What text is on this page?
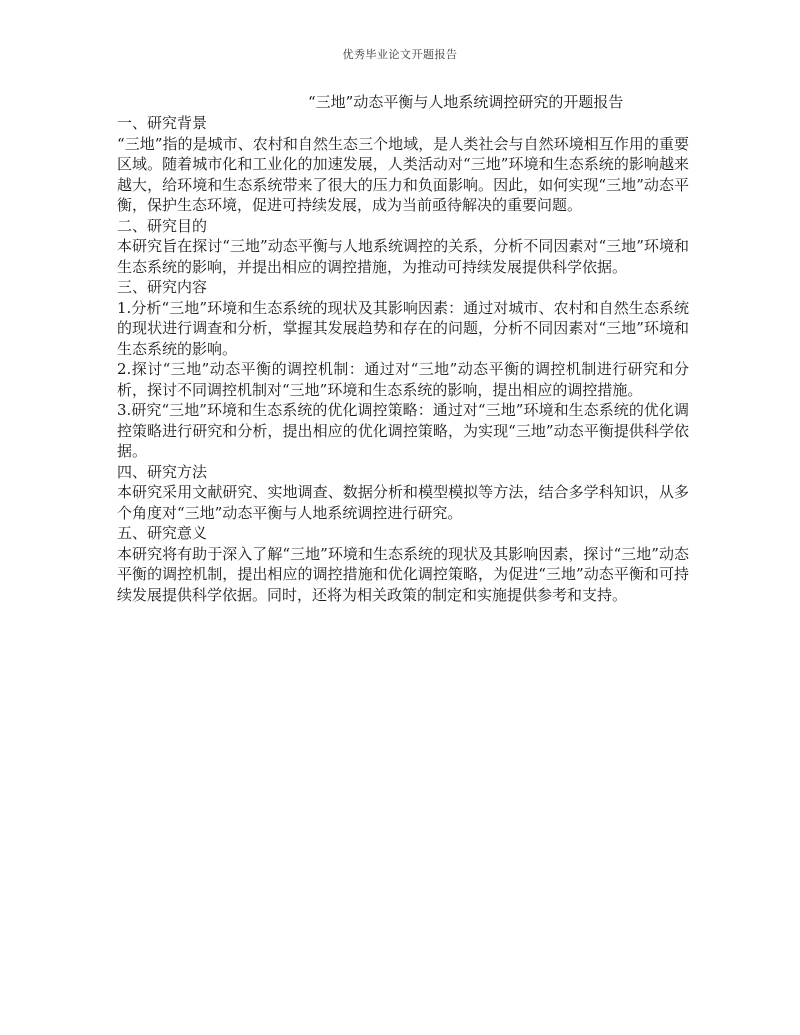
优秀毕业论文开题报告
“三地”动态平衡与人地系统调控研究的开题报告
一、研究背景

“三地”指的是城市、农村和自然生态三个地域，是人类社会与自然环境相互作用的重要区域。随着城市化和工业化的加速发展，人类活动对“三地”环境和生态系统的影响越来越大，给环境和生态系统带来了很大的压力和负面影响。因此，如何实现“三地”动态平衡，保护生态环境，促进可持续发展，成为当前亟待解决的重要问题。

二、研究目的

本研究旨在探讨“三地”动态平衡与人地系统调控的关系，分析不同因素对“三地”环境和生态系统的影响，并提出相应的调控措施，为推动可持续发展提供科学依据。

三、研究内容

1.分析“三地”环境和生态系统的现状及其影响因素：通过对城市、农村和自然生态系统的现状进行调查和分析，掌握其发展趋势和存在的问题，分析不同因素对“三地”环境和生态系统的影响。

2.探讨“三地”动态平衡的调控机制：通过对“三地”动态平衡的调控机制进行研究和分析，探讨不同调控机制对“三地”环境和生态系统的影响，提出相应的调控措施。

3.研究“三地”环境和生态系统的优化调控策略：通过对“三地”环境和生态系统的优化调控策略进行研究和分析，提出相应的优化调控策略，为实现“三地”动态平衡提供科学依据。

四、研究方法

本研究采用文献研究、实地调查、数据分析和模型模拟等方法，结合多学科知识，从多个角度对“三地”动态平衡与人地系统调控进行研究。

五、研究意义

本研究将有助于深入了解“三地”环境和生态系统的现状及其影响因素，探讨“三地”动态平衡的调控机制，提出相应的调控措施和优化调控策略，为促进“三地”动态平衡和可持续发展提供科学依据。同时，还将为相关政策的制定和实施提供参考和支持。
